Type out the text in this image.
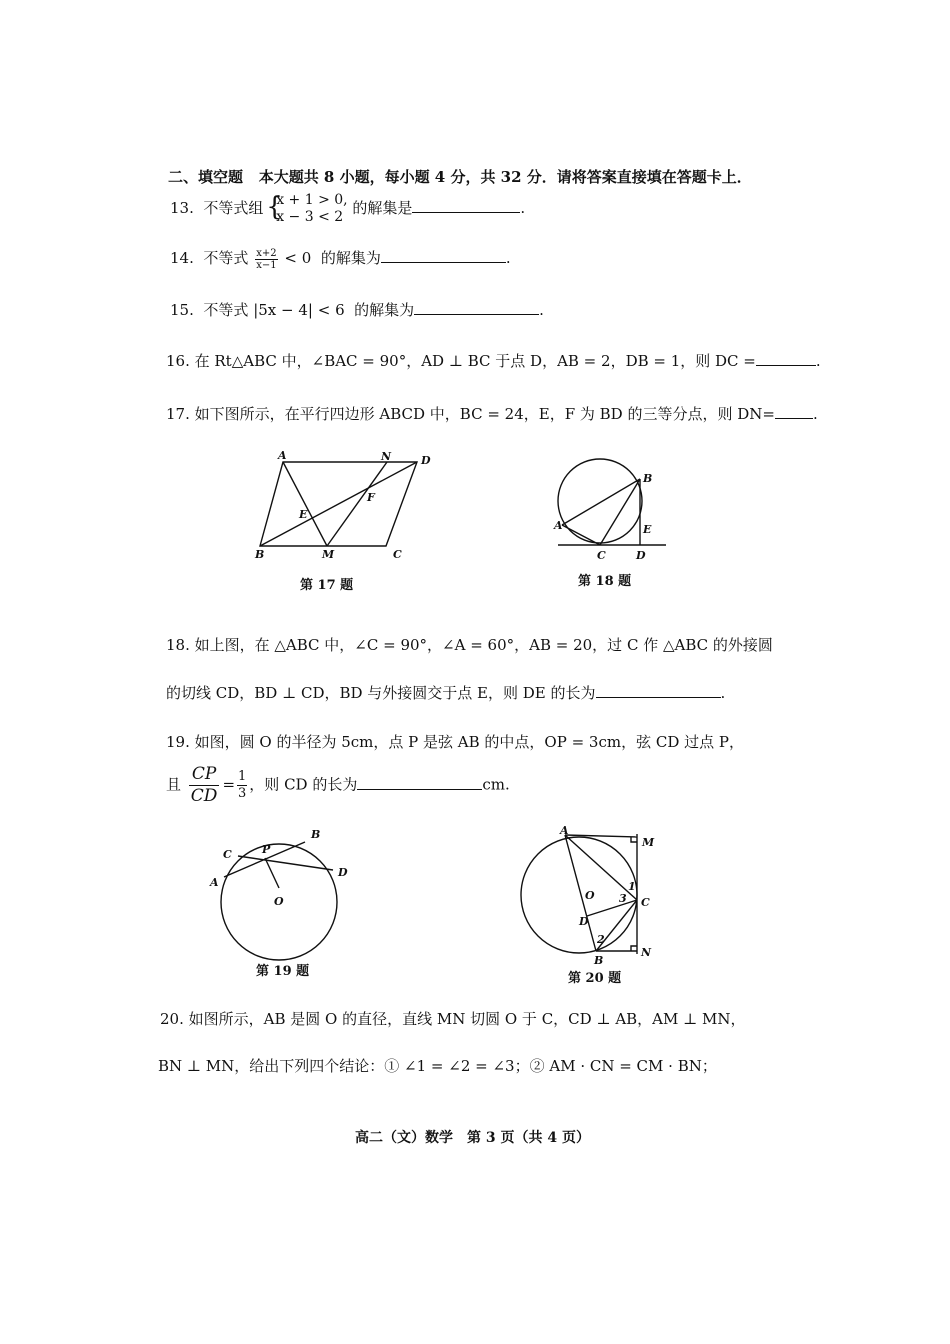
二、填空题 本大题共 8 小题，每小题 4 分，共 32 分．请将答案直接填在答题卡上．
13. 不等式组 { x + 1 > 0,
x − 3 < 2 的解集是	.
14. 不等式 $\frac{x+2}{x-1} < 0$ 的解集为	.
15. 不等式 |5x − 4| < 6 的解集为	.
16. 在 Rt△ABC 中，∠BAC = 90°，AD ⊥ BC 于点 D，AB = 2，DB = 1，则 DC =	.
17. 如下图所示，在平行四边形 ABCD 中，BC = 24，E，F 为 BD 的三等分点，则 DN=	.
A	N	D
F
E
B	M	C
第 17 题
B
A	E
C	D
第 18 题
18. 如上图，在 △ABC 中，∠C = 90°，∠A = 60°，AB = 20，过 C 作 △ABC 的外接圆
的切线 CD，BD ⊥ CD，BD 与外接圆交于点 E，则 DE 的长为	.
19. 如图，圆 O 的半径为 5cm，点 P 是弦 AB 的中点，OP = 3cm，弦 CD 过点 P，
且 $\frac{CP}{CD} = \frac{1}{3}$ ，则 CD 的长为	cm.
B
C	P
D
A
O
第 19 题
A
M
O
1
3 C
D
2
B
N
第 20 题
20. 如图所示，AB 是圆 O 的直径，直线 MN 切圆 O 于 C，CD ⊥ AB，AM ⊥ MN，
BN ⊥ MN，给出下列四个结论：① ∠1 = ∠2 = ∠3；② AM · CN = CM · BN；
高二（文）数学　第 3 页（共 4 页）
